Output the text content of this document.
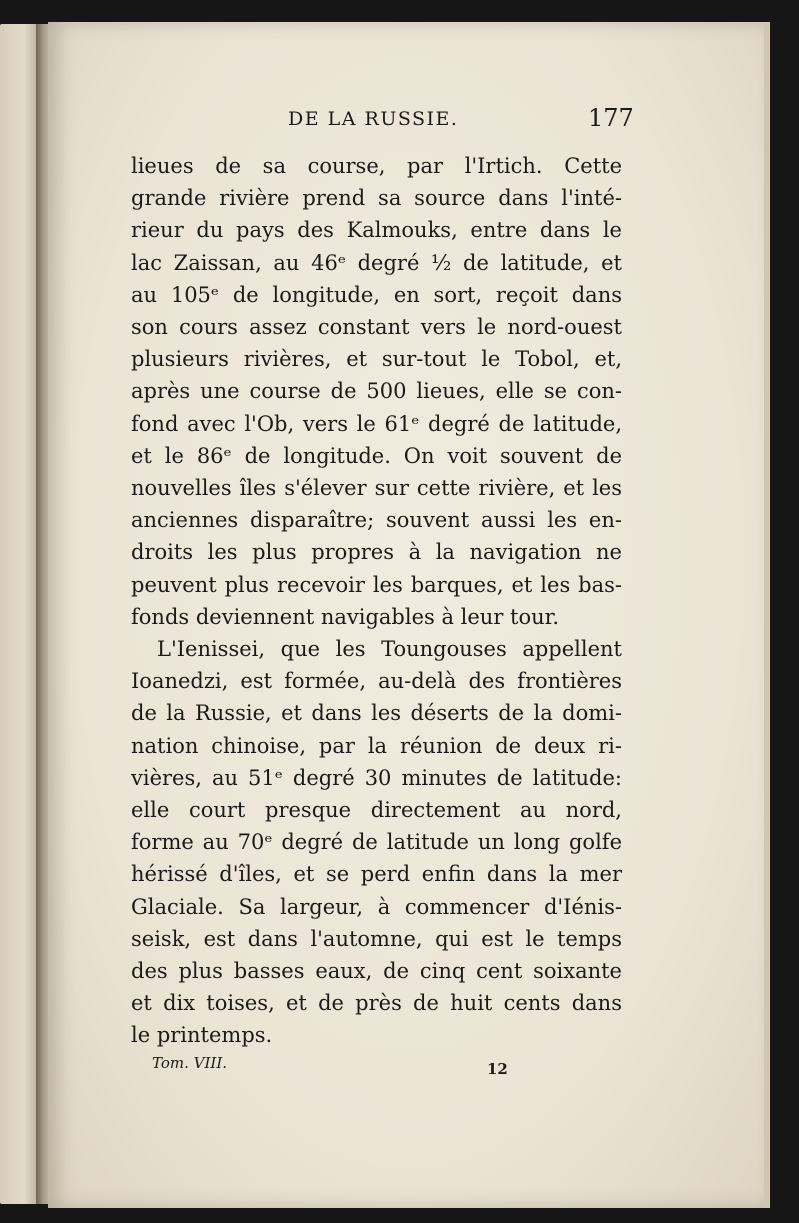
DE LA RUSSIE.	177
lieues de sa course, par l'Irtich. Cette
grande rivière prend sa source dans l'inté-
rieur du pays des Kalmouks, entre dans le
lac Zaissan, au 46ᵉ degré ½ de latitude, et
au 105ᵉ de longitude, en sort, reçoit dans
son cours assez constant vers le nord-ouest
plusieurs rivières, et sur-tout le Tobol, et,
après une course de 500 lieues, elle se con-
fond avec l'Ob, vers le 61ᵉ degré de latitude,
et le 86ᵉ de longitude. On voit souvent de
nouvelles îles s'élever sur cette rivière, et les
anciennes disparaître; souvent aussi les en-
droits les plus propres à la navigation ne
peuvent plus recevoir les barques, et les bas-
fonds deviennent navigables à leur tour.
L'Ienissei, que les Toungouses appellent
Ioanedzi, est formée, au-delà des frontières
de la Russie, et dans les déserts de la domi-
nation chinoise, par la réunion de deux ri-
vières, au 51ᵉ degré 30 minutes de latitude:
elle court presque directement au nord,
forme au 70ᵉ degré de latitude un long golfe
hérissé d'îles, et se perd enfin dans la mer
Glaciale. Sa largeur, à commencer d'Iénis-
seisk, est dans l'automne, qui est le temps
des plus basses eaux, de cinq cent soixante
et dix toises, et de près de huit cents dans
le printemps.
Tom. VIII.	12
